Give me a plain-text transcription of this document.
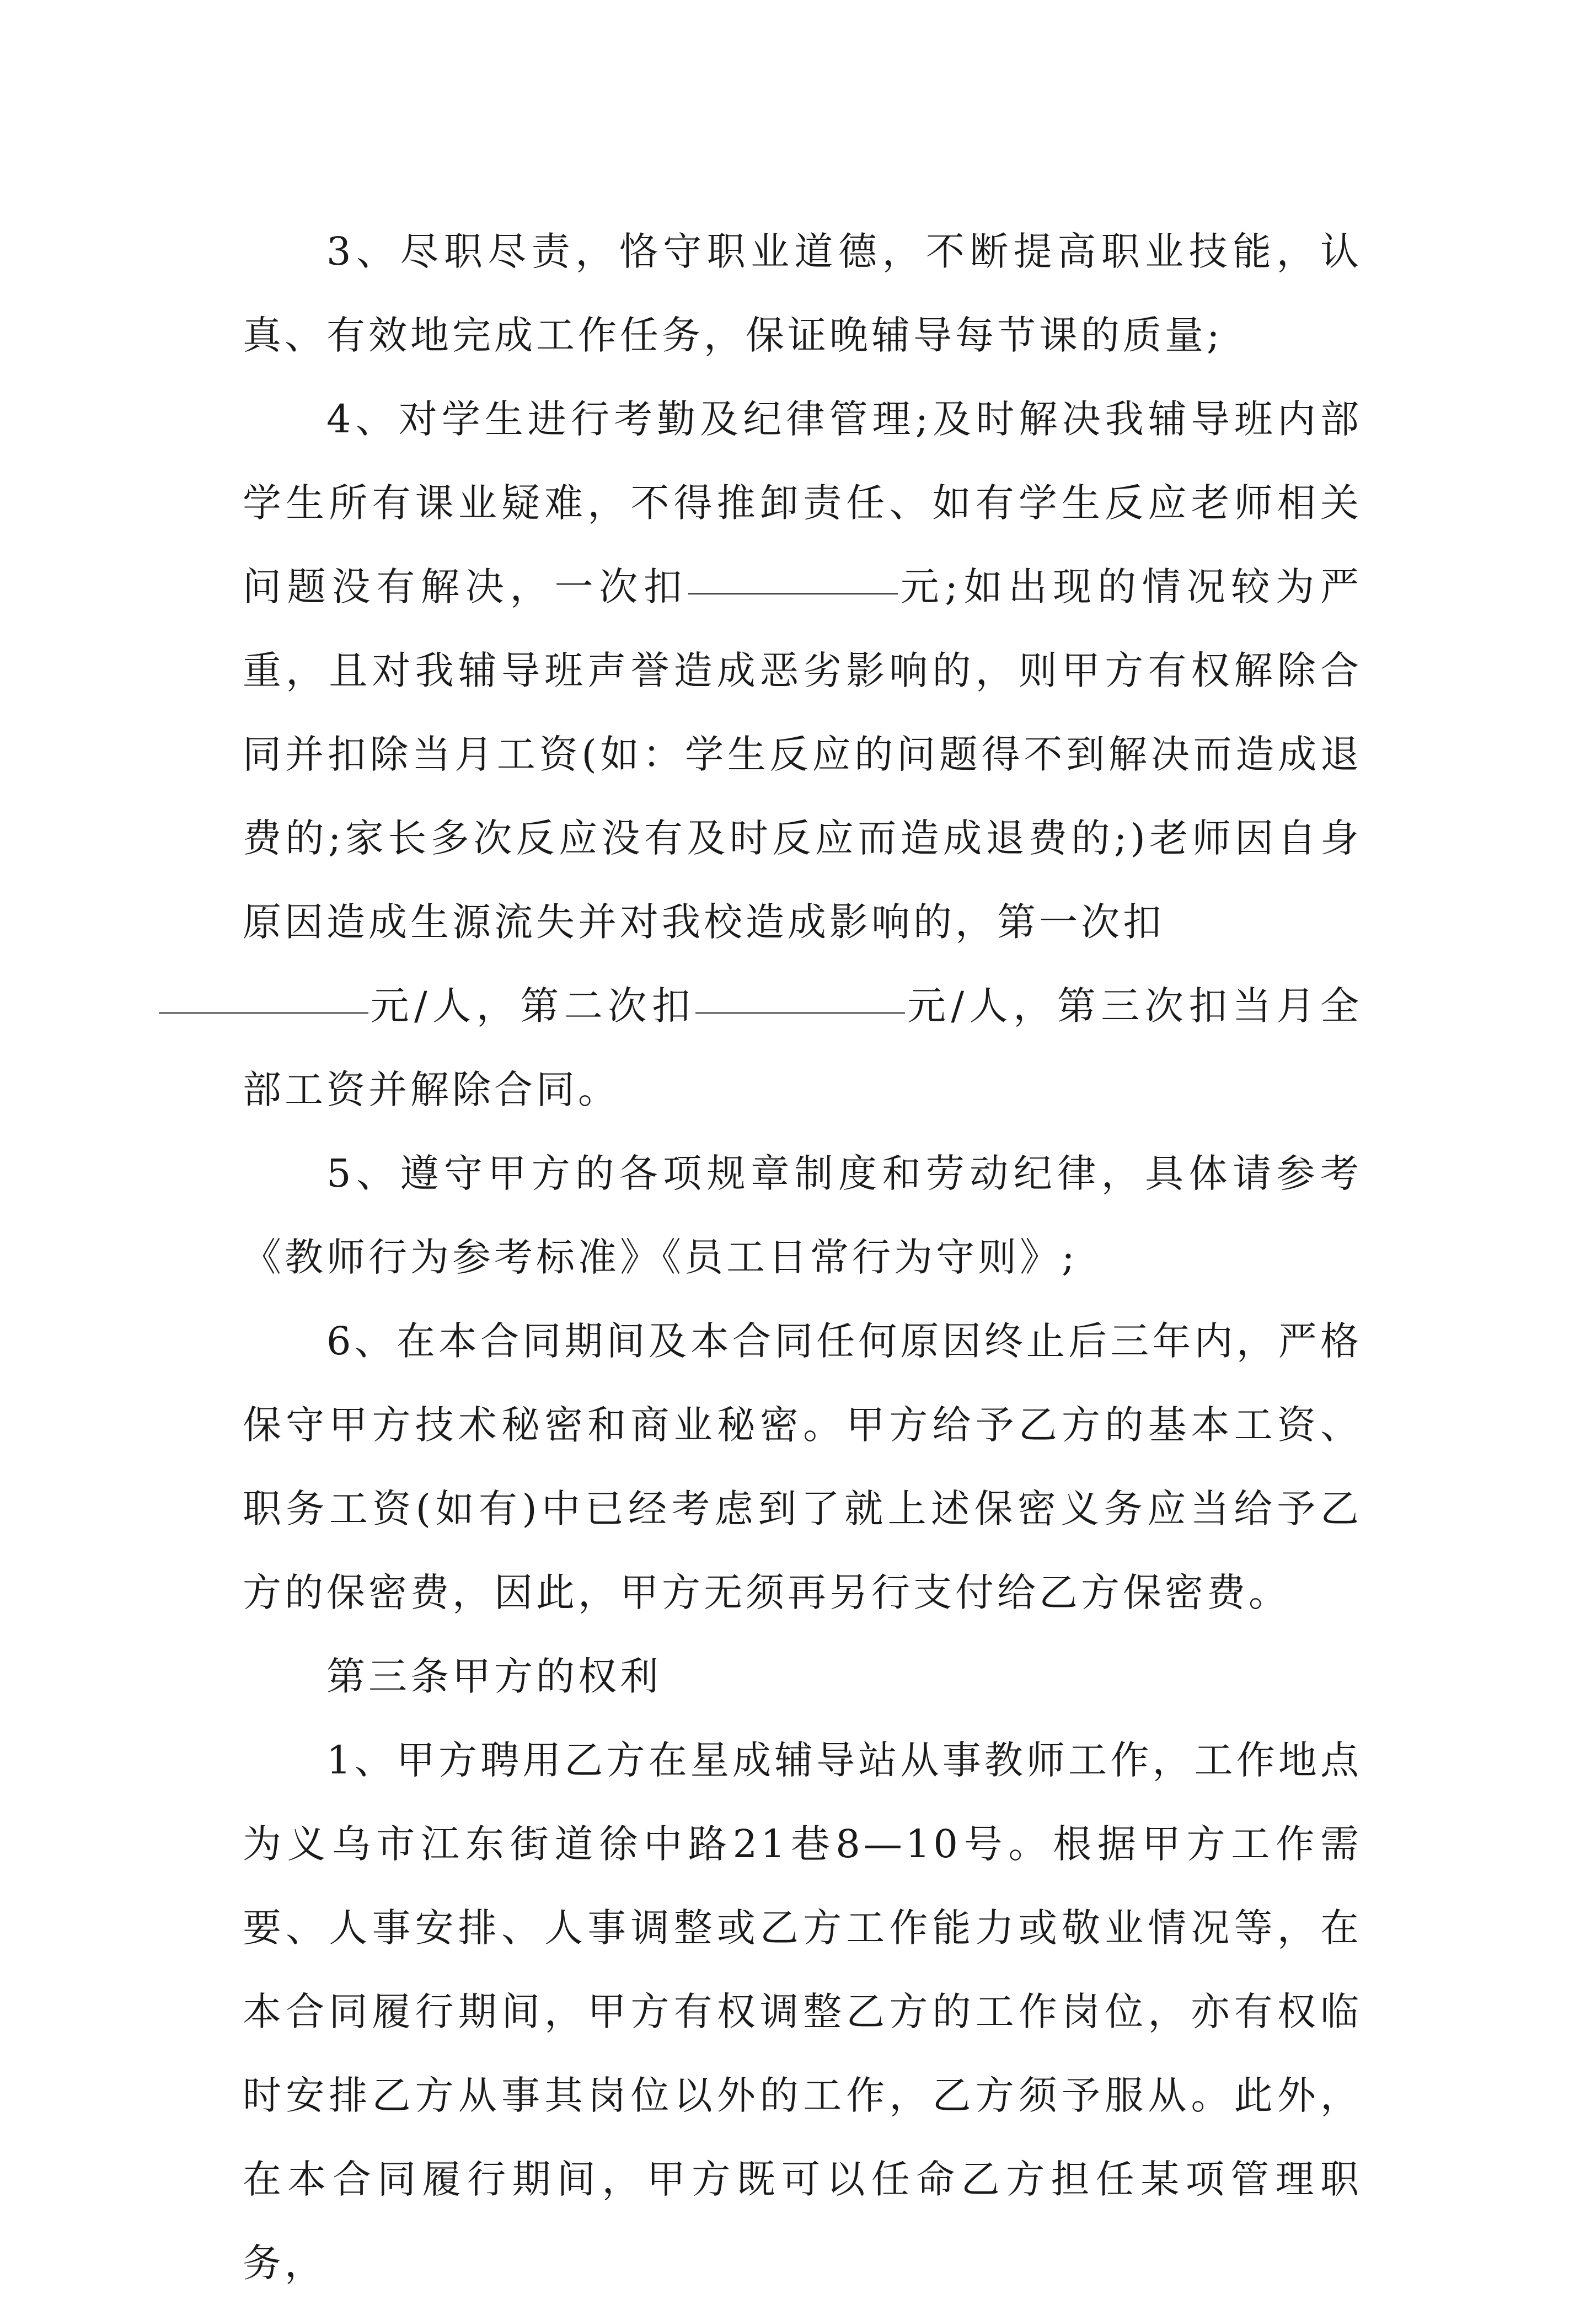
3、尽职尽责，恪守职业道德，不断提高职业技能，认真、有效地完成工作任务，保证晚辅导每节课的质量;

4、对学生进行考勤及纪律管理;及时解决我辅导班内部学生所有课业疑难，不得推卸责任、如有学生反应老师相关问题没有解决，一次扣	元;如出现的情况较为严重，且对我辅导班声誉造成恶劣影响的，则甲方有权解除合同并扣除当月工资(如：学生反应的问题得不到解决而造成退费的;家长多次反应没有及时反应而造成退费的;)老师因自身原因造成生源流失并对我校造成影响的，第一次扣
元/人，第二次扣	元/人，第三次扣当月全部工资并解除合同。

5、遵守甲方的各项规章制度和劳动纪律，具体请参考《教师行为参考标准》《员工日常行为守则》;

6、在本合同期间及本合同任何原因终止后三年内，严格保守甲方技术秘密和商业秘密。甲方给予乙方的基本工资、职务工资(如有)中已经考虑到了就上述保密义务应当给予乙方的保密费，因此，甲方无须再另行支付给乙方保密费。

第三条甲方的权利

1、甲方聘用乙方在星成辅导站从事教师工作，工作地点为义乌市江东街道徐中路21巷8—10号。根据甲方工作需要、人事安排、人事调整或乙方工作能力或敬业情况等，在本合同履行期间，甲方有权调整乙方的工作岗位，亦有权临时安排乙方从事其岗位以外的工作，乙方须予服从。此外，在本合同履行期间，甲方既可以任命乙方担任某项管理职务，
